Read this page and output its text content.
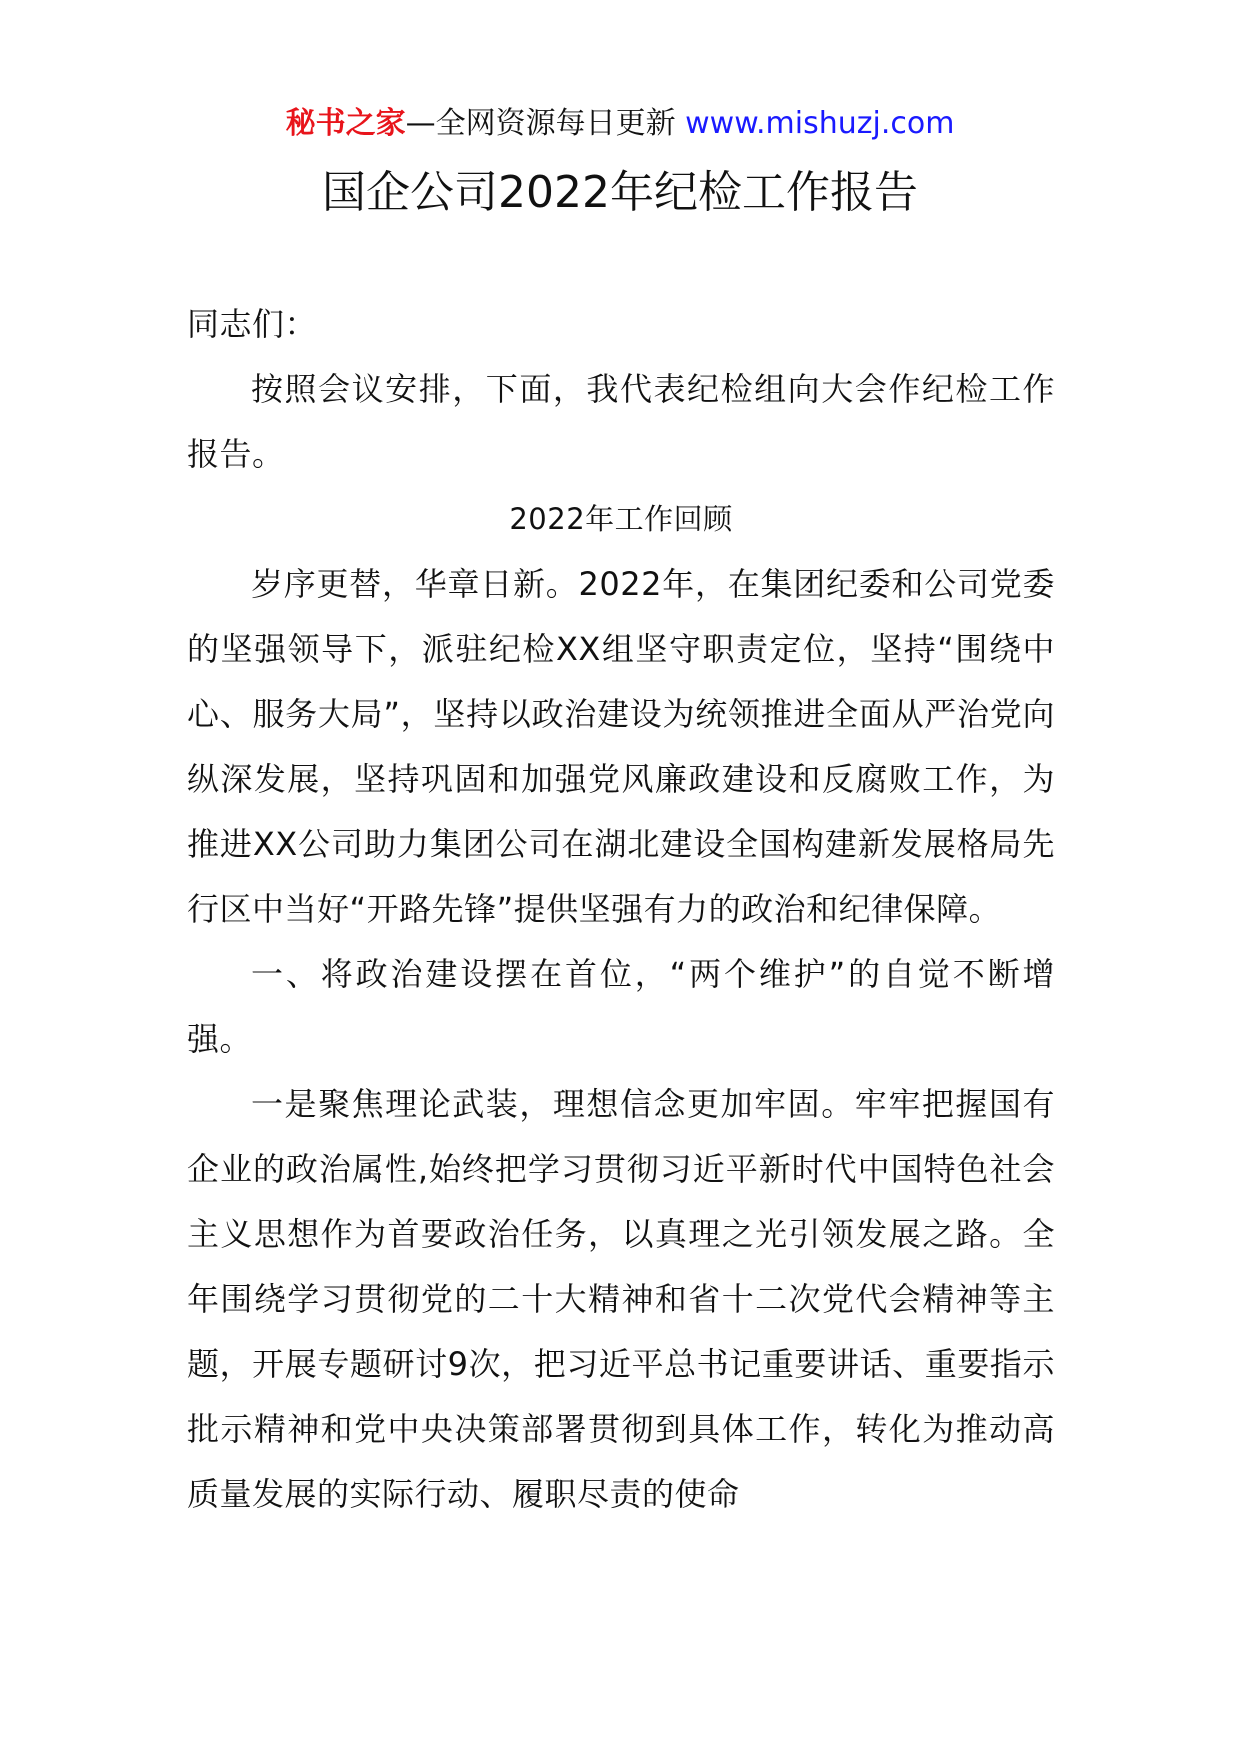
秘书之家—全网资源每日更新 www.mishuzj.com
国企公司2022年纪检工作报告

同志们：

按照会议安排，下面，我代表纪检组向大会作纪检工作报告。

2022年工作回顾

岁序更替，华章日新。2022年，在集团纪委和公司党委的坚强领导下，派驻纪检XX组坚守职责定位，坚持“围绕中心、服务大局”，坚持以政治建设为统领推进全面从严治党向纵深发展，坚持巩固和加强党风廉政建设和反腐败工作，为推进XX公司助力集团公司在湖北建设全国构建新发展格局先行区中当好“开路先锋”提供坚强有力的政治和纪律保障。

一、将政治建设摆在首位，“两个维护”的自觉不断增强。

一是聚焦理论武装，理想信念更加牢固。牢牢把握国有企业的政治属性,始终把学习贯彻习近平新时代中国特色社会主义思想作为首要政治任务，以真理之光引领发展之路。全年围绕学习贯彻党的二十大精神和省十二次党代会精神等主题，开展专题研讨9次，把习近平总书记重要讲话、重要指示批示精神和党中央决策部署贯彻到具体工作，转化为推动高质量发展的实际行动、履职尽责的使命
